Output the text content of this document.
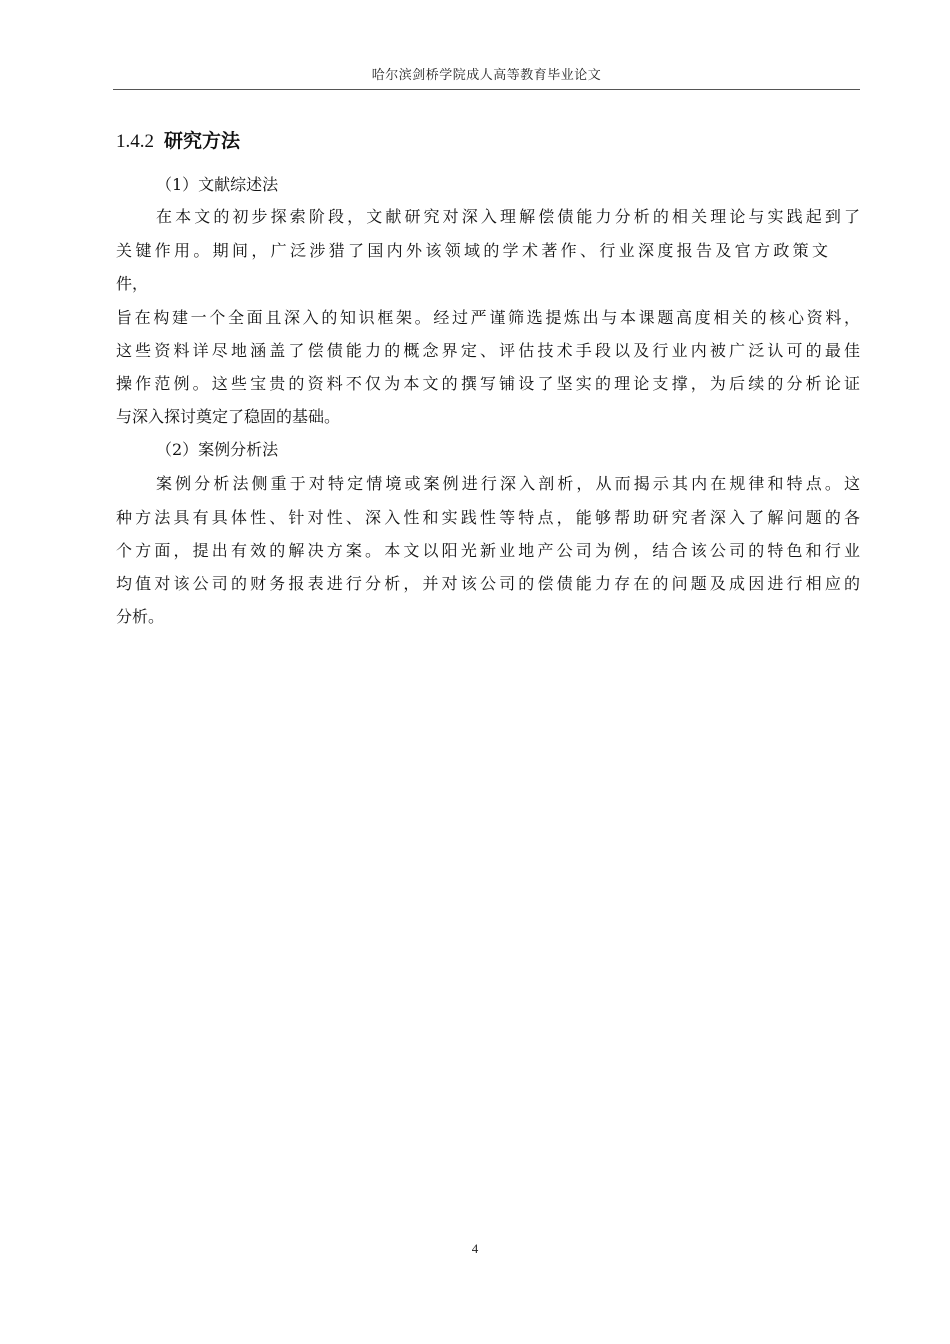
哈尔滨剑桥学院成人高等教育毕业论文
1.4.2 研究方法
（1）文献综述法
在本文的初步探索阶段，文献研究对深入理解偿债能力分析的相关理论与实践起到了
关键作用。期间，广泛涉猎了国内外该领域的学术著作、行业深度报告及官方政策文
件，
旨在构建一个全面且深入的知识框架。经过严谨筛选提炼出与本课题高度相关的核心资料，
这些资料详尽地涵盖了偿债能力的概念界定、评估技术手段以及行业内被广泛认可的最佳
操作范例。这些宝贵的资料不仅为本文的撰写铺设了坚实的理论支撑，为后续的分析论证
与深入探讨奠定了稳固的基础。
（2）案例分析法
案例分析法侧重于对特定情境或案例进行深入剖析，从而揭示其内在规律和特点。这
种方法具有具体性、针对性、深入性和实践性等特点，能够帮助研究者深入了解问题的各
个方面，提出有效的解决方案。本文以阳光新业地产公司为例，结合该公司的特色和行业
均值对该公司的财务报表进行分析，并对该公司的偿债能力存在的问题及成因进行相应的
分析。
4
